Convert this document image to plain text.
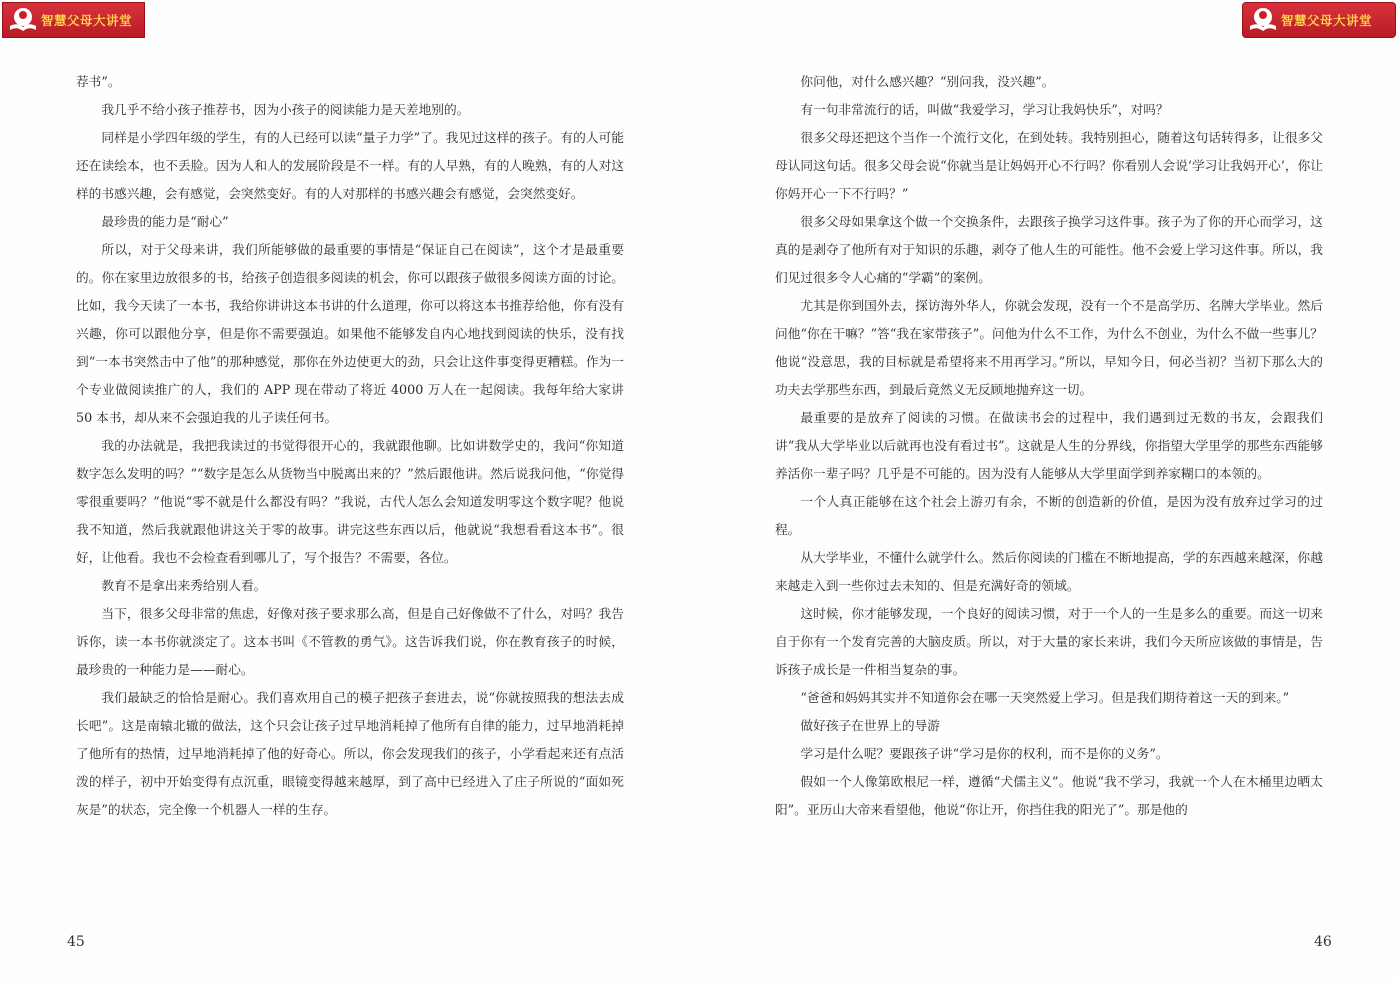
智慧父母大讲堂	智慧父母大讲堂

荐书”。

我几乎不给小孩子推荐书，因为小孩子的阅读能力是天差地别的。

同样是小学四年级的学生，有的人已经可以读“量子力学”了。我见过这样的孩子。有的人可能还在读绘本，也不丢脸。因为人和人的发展阶段是不一样。有的人早熟，有的人晚熟，有的人对这样的书感兴趣，会有感觉，会突然变好。有的人对那样的书感兴趣会有感觉，会突然变好。

最珍贵的能力是“耐心”

所以，对于父母来讲，我们所能够做的最重要的事情是“保证自己在阅读”，这个才是最重要的。你在家里边放很多的书，给孩子创造很多阅读的机会，你可以跟孩子做很多阅读方面的讨论。比如，我今天读了一本书，我给你讲讲这本书讲的什么道理，你可以将这本书推荐给他，你有没有兴趣，你可以跟他分享，但是你不需要强迫。如果他不能够发自内心地找到阅读的快乐，没有找到“一本书突然击中了他”的那种感觉，那你在外边使更大的劲，只会让这件事变得更糟糕。作为一个专业做阅读推广的人，我们的 APP 现在带动了将近 4000 万人在一起阅读。我每年给大家讲 50 本书，却从来不会强迫我的儿子读任何书。

我的办法就是，我把我读过的书觉得很开心的，我就跟他聊。比如讲数学史的，我问“你知道数字怎么发明的吗？”“数字是怎么从货物当中脱离出来的？”然后跟他讲。然后说我问他，“你觉得零很重要吗？”他说“零不就是什么都没有吗？”我说，古代人怎么会知道发明零这个数字呢？他说我不知道，然后我就跟他讲这关于零的故事。讲完这些东西以后，他就说“我想看看这本书”。很好，让他看。我也不会检查看到哪儿了，写个报告？不需要，各位。

教育不是拿出来秀给别人看。

当下，很多父母非常的焦虑，好像对孩子要求那么高，但是自己好像做不了什么，对吗？我告诉你，读一本书你就淡定了。这本书叫《不管教的勇气》。这告诉我们说，你在教育孩子的时候，最珍贵的一种能力是——耐心。

我们最缺乏的恰恰是耐心。我们喜欢用自己的模子把孩子套进去，说“你就按照我的想法去成长吧”。这是南辕北辙的做法，这个只会让孩子过早地消耗掉了他所有自律的能力，过早地消耗掉了他所有的热情，过早地消耗掉了他的好奇心。所以，你会发现我们的孩子，小学看起来还有点活泼的样子，初中开始变得有点沉重，眼镜变得越来越厚，到了高中已经进入了庄子所说的“面如死灰是”的状态，完全像一个机器人一样的生存。

你问他，对什么感兴趣？“别问我，没兴趣”。

有一句非常流行的话，叫做“我爱学习，学习让我妈快乐”，对吗？

很多父母还把这个当作一个流行文化，在到处转。我特别担心，随着这句话转得多，让很多父母认同这句话。很多父母会说“你就当是让妈妈开心不行吗？你看别人会说‘学习让我妈开心’，你让你妈开心一下不行吗？”

很多父母如果拿这个做一个交换条件，去跟孩子换学习这件事。孩子为了你的开心而学习，这真的是剥夺了他所有对于知识的乐趣，剥夺了他人生的可能性。他不会爱上学习这件事。所以，我们见过很多令人心痛的“学霸”的案例。

尤其是你到国外去，探访海外华人，你就会发现，没有一个不是高学历、名牌大学毕业。然后问他“你在干嘛？”答“我在家带孩子”。问他为什么不工作，为什么不创业，为什么不做一些事儿？他说“没意思，我的目标就是希望将来不用再学习。”所以，早知今日，何必当初？当初下那么大的功夫去学那些东西，到最后竟然义无反顾地抛弃这一切。

最重要的是放弃了阅读的习惯。在做读书会的过程中，我们遇到过无数的书友，会跟我们讲“我从大学毕业以后就再也没有看过书”。这就是人生的分界线，你指望大学里学的那些东西能够养活你一辈子吗？几乎是不可能的。因为没有人能够从大学里面学到养家糊口的本领的。

一个人真正能够在这个社会上游刃有余，不断的创造新的价值，是因为没有放弃过学习的过程。

从大学毕业，不懂什么就学什么。然后你阅读的门槛在不断地提高，学的东西越来越深，你越来越走入到一些你过去未知的、但是充满好奇的领域。

这时候，你才能够发现，一个良好的阅读习惯，对于一个人的一生是多么的重要。而这一切来自于你有一个发育完善的大脑皮质。所以，对于大量的家长来讲，我们今天所应该做的事情是，告诉孩子成长是一件相当复杂的事。

“爸爸和妈妈其实并不知道你会在哪一天突然爱上学习。但是我们期待着这一天的到来。”

做好孩子在世界上的导游

学习是什么呢？要跟孩子讲“学习是你的权利，而不是你的义务”。

假如一个人像第欧根尼一样，遵循“犬儒主义”。他说“我不学习，我就一个人在木桶里边晒太阳”。亚历山大帝来看望他，他说“你让开，你挡住我的阳光了”。那是他的

45	46
